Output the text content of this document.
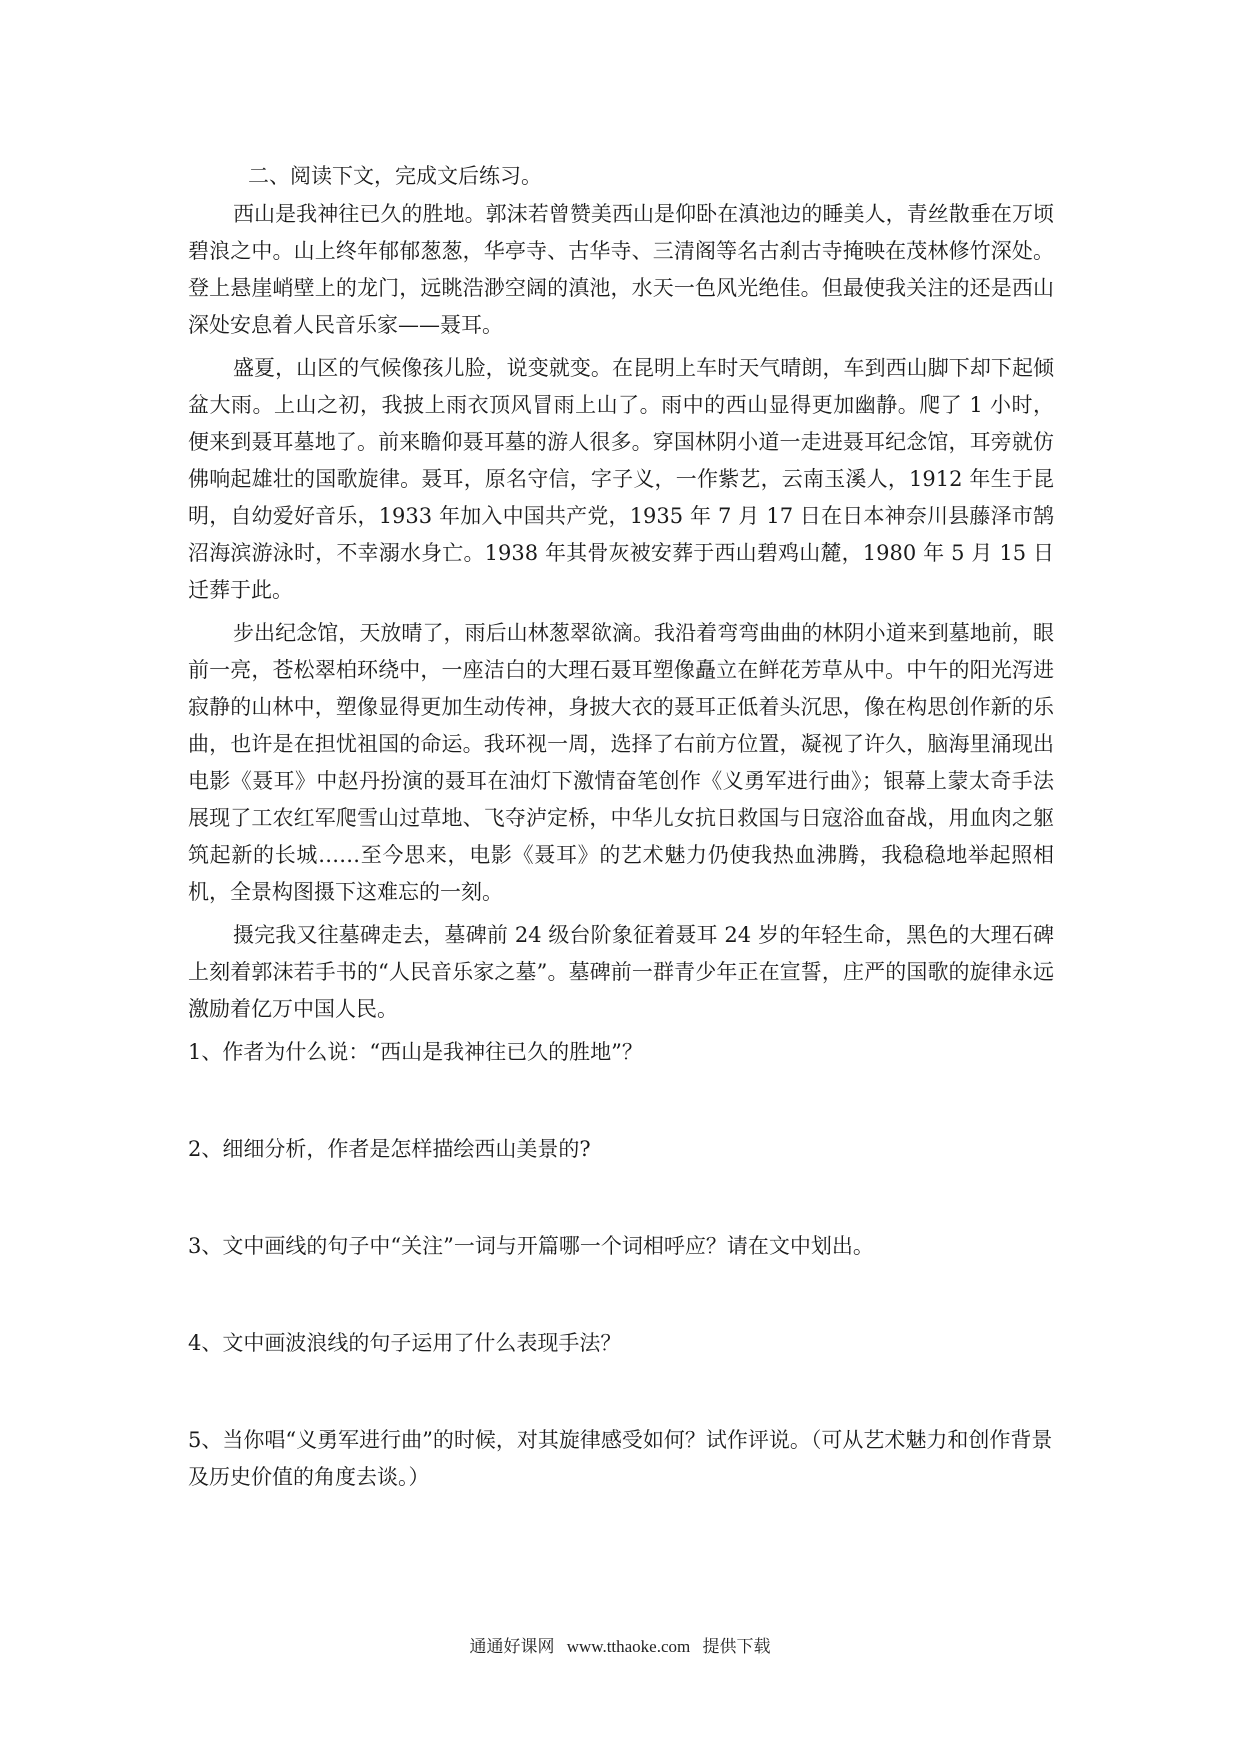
二、阅读下文，完成文后练习。

西山是我神往已久的胜地。郭沫若曾赞美西山是仰卧在滇池边的睡美人，青丝散垂在万顷碧浪之中。山上终年郁郁葱葱，华亭寺、古华寺、三清阁等名古刹古寺掩映在茂林修竹深处。登上悬崖峭壁上的龙门，远眺浩渺空阔的滇池，水天一色风光绝佳。但最使我关注的还是西山深处安息着人民音乐家——聂耳。

盛夏，山区的气候像孩儿脸，说变就变。在昆明上车时天气晴朗，车到西山脚下却下起倾盆大雨。上山之初，我披上雨衣顶风冒雨上山了。雨中的西山显得更加幽静。爬了 1 小时，便来到聂耳墓地了。前来瞻仰聂耳墓的游人很多。穿国林阴小道一走进聂耳纪念馆，耳旁就仿佛响起雄壮的国歌旋律。聂耳，原名守信，字子义，一作紫艺，云南玉溪人，1912 年生于昆明，自幼爱好音乐，1933 年加入中国共产党，1935 年 7 月 17 日在日本神奈川县藤泽市鹄沼海滨游泳时，不幸溺水身亡。1938 年其骨灰被安葬于西山碧鸡山麓，1980 年 5 月 15 日迁葬于此。

步出纪念馆，天放晴了，雨后山林葱翠欲滴。我沿着弯弯曲曲的林阴小道来到墓地前，眼前一亮，苍松翠柏环绕中，一座洁白的大理石聂耳塑像矗立在鲜花芳草从中。中午的阳光泻进寂静的山林中，塑像显得更加生动传神，身披大衣的聂耳正低着头沉思，像在构思创作新的乐曲，也许是在担忧祖国的命运。我环视一周，选择了右前方位置，凝视了许久，脑海里涌现出电影《聂耳》中赵丹扮演的聂耳在油灯下激情奋笔创作《义勇军进行曲》；银幕上蒙太奇手法展现了工农红军爬雪山过草地、飞夺泸定桥，中华儿女抗日救国与日寇浴血奋战，用血肉之躯筑起新的长城……至今思来，电影《聂耳》的艺术魅力仍使我热血沸腾，我稳稳地举起照相机，全景构图摄下这难忘的一刻。

摄完我又往墓碑走去，墓碑前 24 级台阶象征着聂耳 24 岁的年轻生命，黑色的大理石碑上刻着郭沫若手书的“人民音乐家之墓”。墓碑前一群青少年正在宣誓，庄严的国歌的旋律永远激励着亿万中国人民。

1、作者为什么说：“西山是我神往已久的胜地”？

2、细细分析，作者是怎样描绘西山美景的?

3、文中画线的句子中“关注”一词与开篇哪一个词相呼应？请在文中划出。

4、文中画波浪线的句子运用了什么表现手法？

5、当你唱“义勇军进行曲”的时候，对其旋律感受如何？试作评说。（可从艺术魅力和创作背景及历史价值的角度去谈。）

通通好课网 www.tthaoke.com 提供下载
